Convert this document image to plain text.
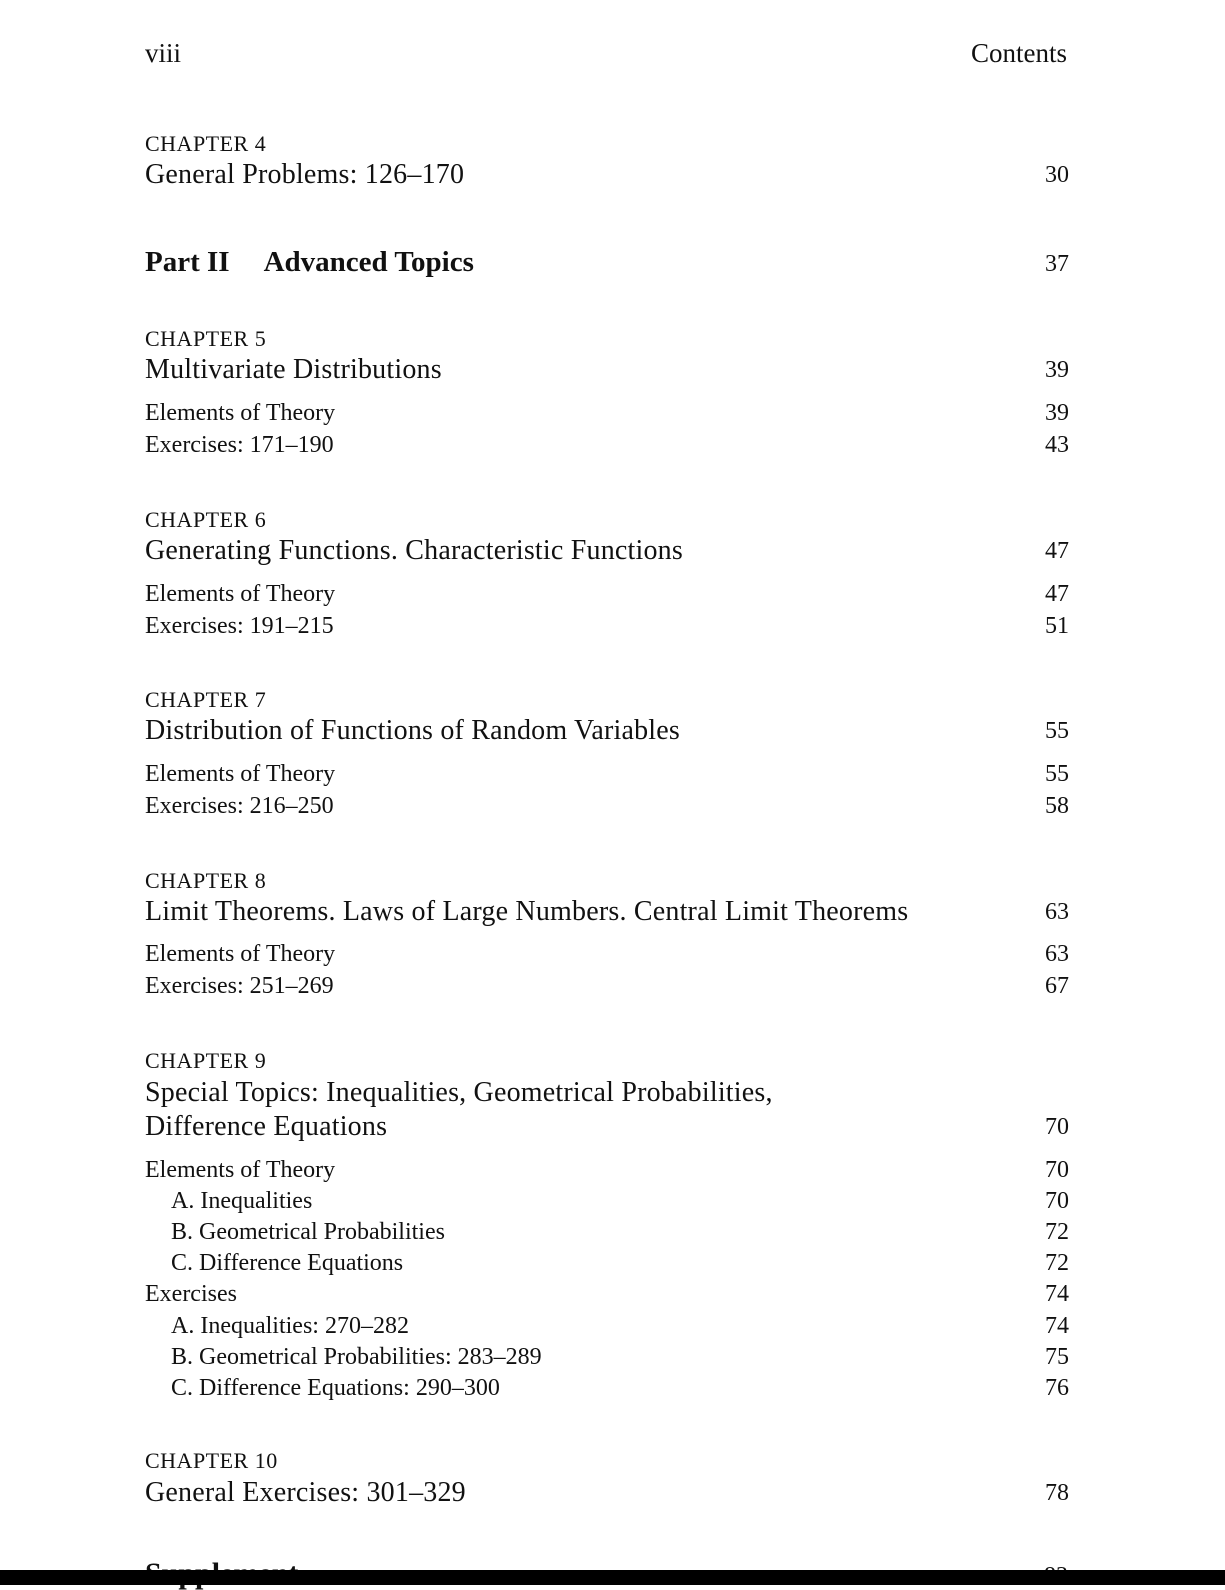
viii	Contents
CHAPTER 4
General Problems: 126–170	30
Part II Advanced Topics	37
CHAPTER 5
Multivariate Distributions	39
Elements of Theory	39
Exercises: 171–190	43
CHAPTER 6
Generating Functions. Characteristic Functions	47
Elements of Theory	47
Exercises: 191–215	51
CHAPTER 7
Distribution of Functions of Random Variables	55
Elements of Theory	55
Exercises: 216–250	58
CHAPTER 8
Limit Theorems. Laws of Large Numbers. Central Limit Theorems	63
Elements of Theory	63
Exercises: 251–269	67
CHAPTER 9
Special Topics: Inequalities, Geometrical Probabilities,
Difference Equations	70
Elements of Theory	70
A. Inequalities	70
B. Geometrical Probabilities	72
C. Difference Equations	72
Exercises	74
A. Inequalities: 270–282	74
B. Geometrical Probabilities: 283–289	75
C. Difference Equations: 290–300	76
CHAPTER 10
General Exercises: 301–329	78
